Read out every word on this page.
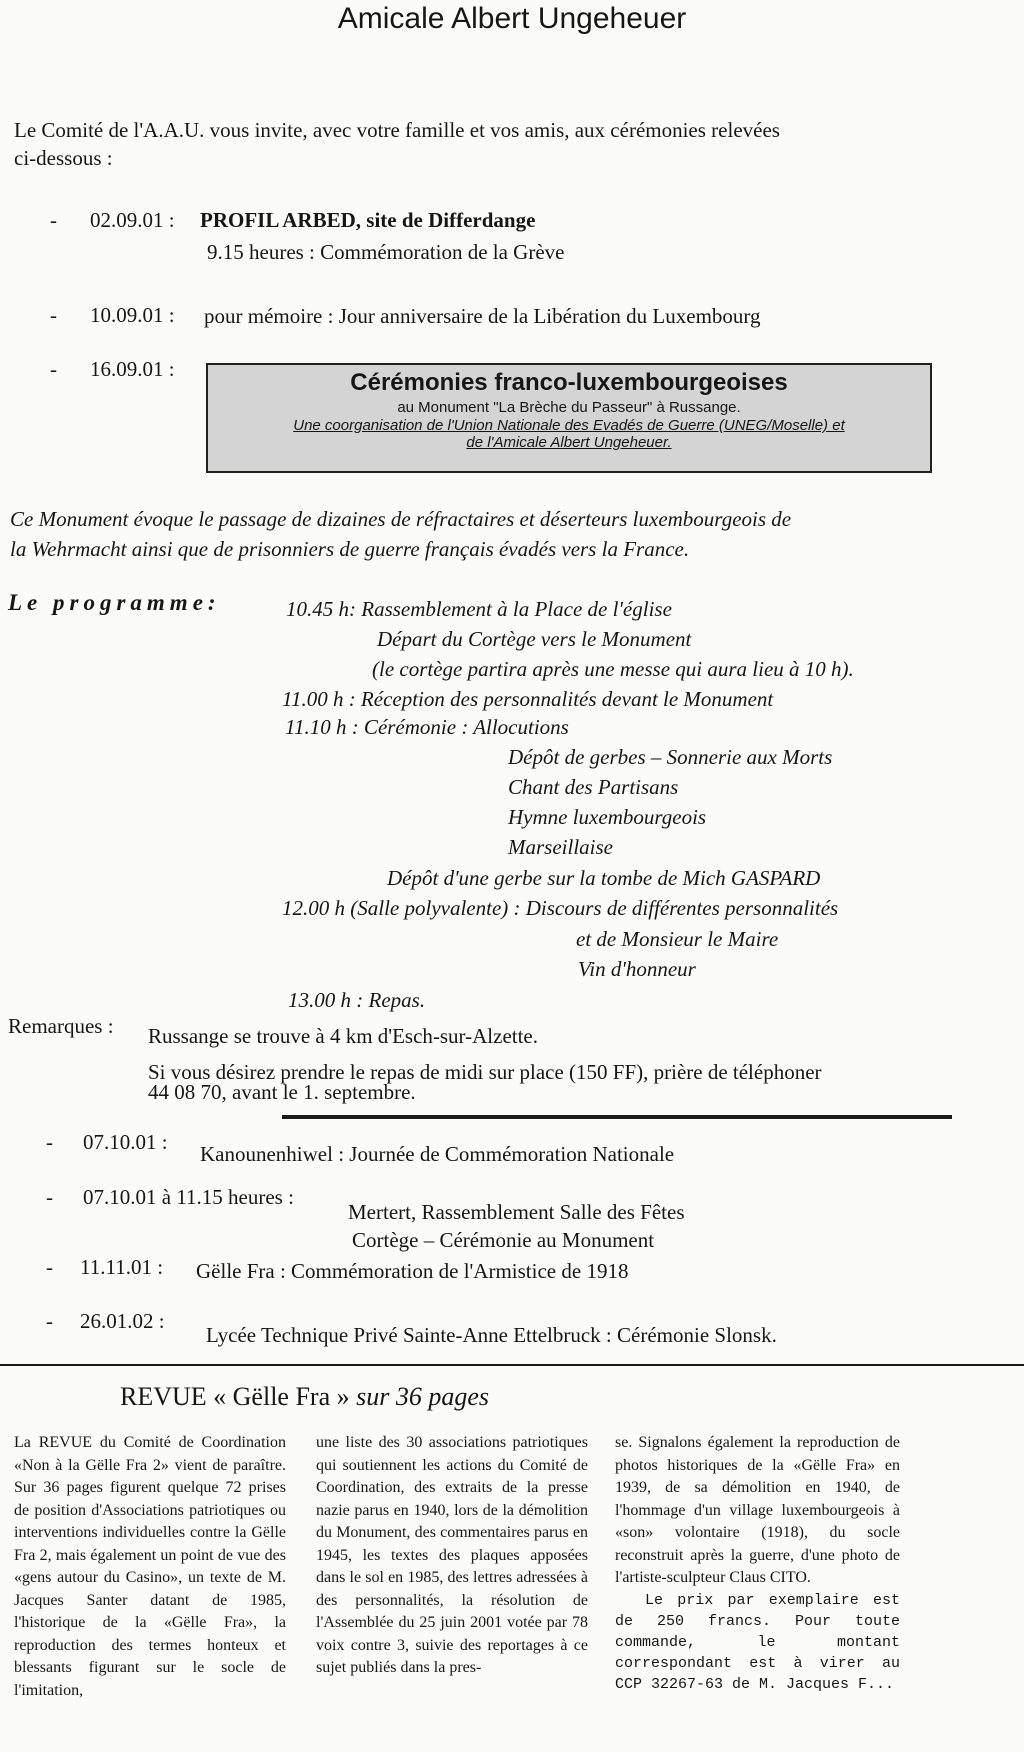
Amicale Albert Ungeheuer
Le Comité de l'A.A.U. vous invite, avec votre famille et vos amis, aux cérémonies relevées
ci-dessous :
- 02.09.01 : PROFIL ARBED, site de Differdange
9.15 heures : Commémoration de la Grève
- 10.09.01 : pour mémoire : Jour anniversaire de la Libération du Luxembourg
- 16.09.01 :	Cérémonies franco-luxembourgeoises
au Monument "La Brèche du Passeur" à Russange.
Une coorganisation de l'Union Nationale des Evadés de Guerre (UNEG/Moselle) et
de l'Amicale Albert Ungeheuer.
Ce Monument évoque le passage de dizaines de réfractaires et déserteurs luxembourgeois de
la Wehrmacht ainsi que de prisonniers de guerre français évadés vers la France.
Le programme:	10.45 h: Rassemblement à la Place de l'église
Départ du Cortège vers le Monument
(le cortège partira après une messe qui aura lieu à 10 h).
11.00 h : Réception des personnalités devant le Monument
11.10 h : Cérémonie : Allocutions
Dépôt de gerbes – Sonnerie aux Morts
Chant des Partisans
Hymne luxembourgeois
Marseillaise
Dépôt d'une gerbe sur la tombe de Mich GASPARD
12.00 h (Salle polyvalente) : Discours de différentes personnalités
et de Monsieur le Maire
Vin d'honneur
13.00 h : Repas.
Remarques : Russange se trouve à 4 km d'Esch-sur-Alzette.
Si vous désirez prendre le repas de midi sur place (150 FF), prière de téléphoner
44 08 70, avant le 1. septembre.
- 07.10.01 : Kanounenhiwel : Journée de Commémoration Nationale
- 07.10.01 à 11.15 heures :
Mertert, Rassemblement Salle des Fêtes
Cortège – Cérémonie au Monument
- 11.11.01 : Gëlle Fra : Commémoration de l'Armistice de 1918
- 26.01.02 :
Lycée Technique Privé Sainte-Anne Ettelbruck : Cérémonie Slonsk.
REVUE « Gëlle Fra » sur 36 pages

La REVUE du Comité de Coordination «Non à la Gëlle Fra 2» vient de paraître. Sur 36 pages figurent quelque 72 prises de position d'Associations patriotiques ou interventions individuelles contre la Gëlle Fra 2, mais également un point de vue des «gens autour du Casino», un texte de M. Jacques Santer datant de 1985, l'historique de la «Gëlle Fra», la reproduction des termes honteux et blessants figurant sur le socle de l'imitation,

une liste des 30 associations patriotiques qui soutiennent les actions du Comité de Coordination, des extraits de la presse nazie parus en 1940, lors de la démolition du Monument, des commentaires parus en 1945, les textes des plaques apposées dans le sol en 1985, des lettres adressées à des personnalités, la résolution de l'Assemblée du 25 juin 2001 votée par 78 voix contre 3, suivie des reportages à ce sujet publiés dans la pres-

se. Signalons également la reproduction de photos historiques de la «Gëlle Fra» en 1939, de sa démolition en 1940, de l'hommage d'un village luxembourgeois à «son» volontaire (1918), du socle reconstruit après la guerre, d'une photo de l'artiste-sculpteur Claus CITO.

Le prix par exemplaire est de 250 francs. Pour toute commande, le montant correspondant est à virer au CCP 32267-63 de M. Jacques F...
